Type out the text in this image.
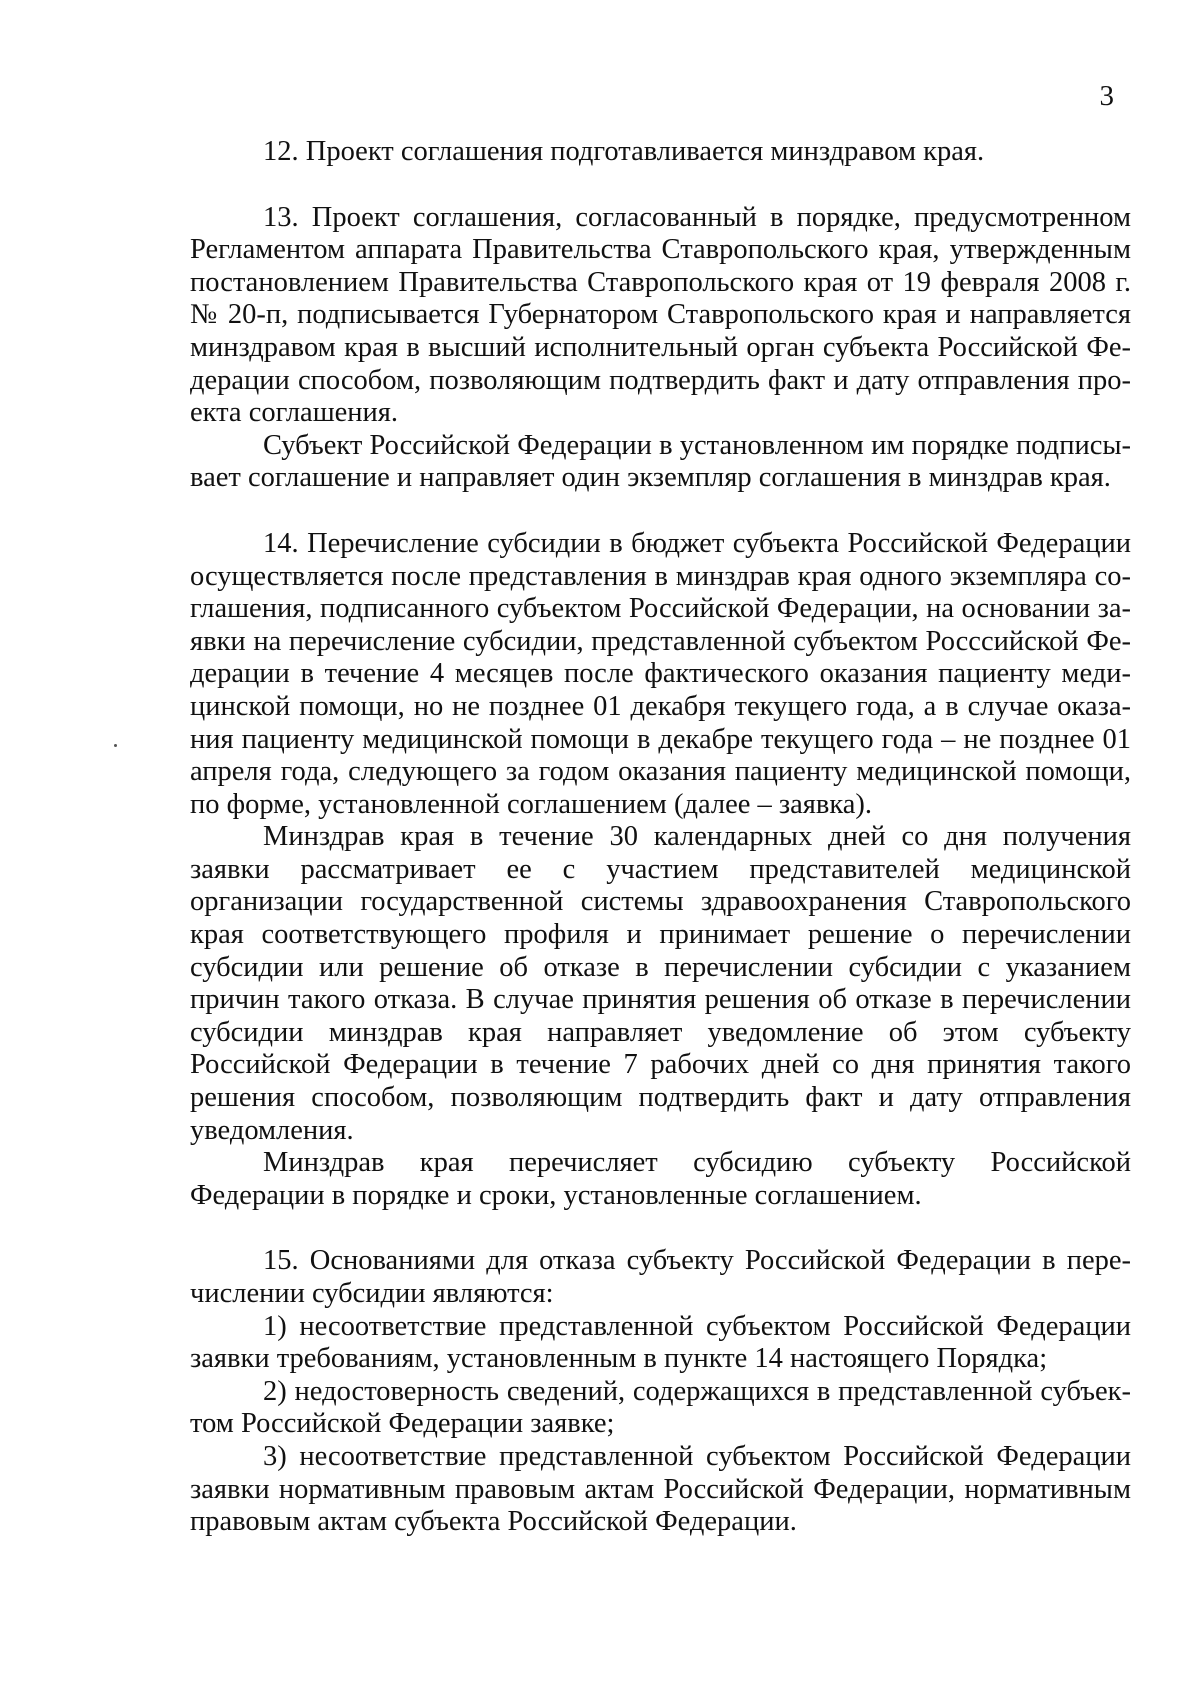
3

12. Проект соглашения подготавливается минздравом края.

13. Проект соглашения, согласованный в порядке, предусмотренном Регламентом аппарата Правительства Ставропольского края, утвержденным постановлением Правительства Ставропольского края от 19 февраля 2008 г. № 20-п, подписывается Губернатором Ставропольского края и направляется минздравом края в высший исполнительный орган субъекта Российской Федерации способом, позволяющим подтвердить факт и дату отправления проекта соглашения.

Субъект Российской Федерации в установленном им порядке подписывает соглашение и направляет один экземпляр соглашения в минздрав края.

14. Перечисление субсидии в бюджет субъекта Российской Федерации осуществляется после представления в минздрав края одного экземпляра соглашения, подписанного субъектом Российской Федерации, на основании заявки на перечисление субсидии, представленной субъектом Росссийской Федерации в течение 4 месяцев после фактического оказания пациенту медицинской помощи, но не позднее 01 декабря текущего года, а в случае оказания пациенту медицинской помощи в декабре текущего года – не позднее 01 апреля года, следующего за годом оказания пациенту медицинской помощи, по форме, установленной соглашением (далее – заявка).

Минздрав края в течение 30 календарных дней со дня получения заявки рассматривает ее с участием представителей медицинской организации государственной системы здравоохранения Ставропольского края соответствующего профиля и принимает решение о перечислении субсидии или решение об отказе в перечислении субсидии с указанием причин такого отказа. В случае принятия решения об отказе в перечислении субсидии минздрав края направляет уведомление об этом субъекту Российской Федерации в течение 7 рабочих дней со дня принятия такого решения способом, позволяющим подтвердить факт и дату отправления уведомления.

Минздрав края перечисляет субсидию субъекту Российской Федерации в порядке и сроки, установленные соглашением.

15. Основаниями для отказа субъекту Российской Федерации в перечислении субсидии являются:

1) несоответствие представленной субъектом Российской Федерации заявки требованиям, установленным в пункте 14 настоящего Порядка;

2) недостоверность сведений, содержащихся в представленной субъектом Российской Федерации заявке;

3) несоответствие представленной субъектом Российской Федерации заявки нормативным правовым актам Российской Федерации, нормативным правовым актам субъекта Российской Федерации.
